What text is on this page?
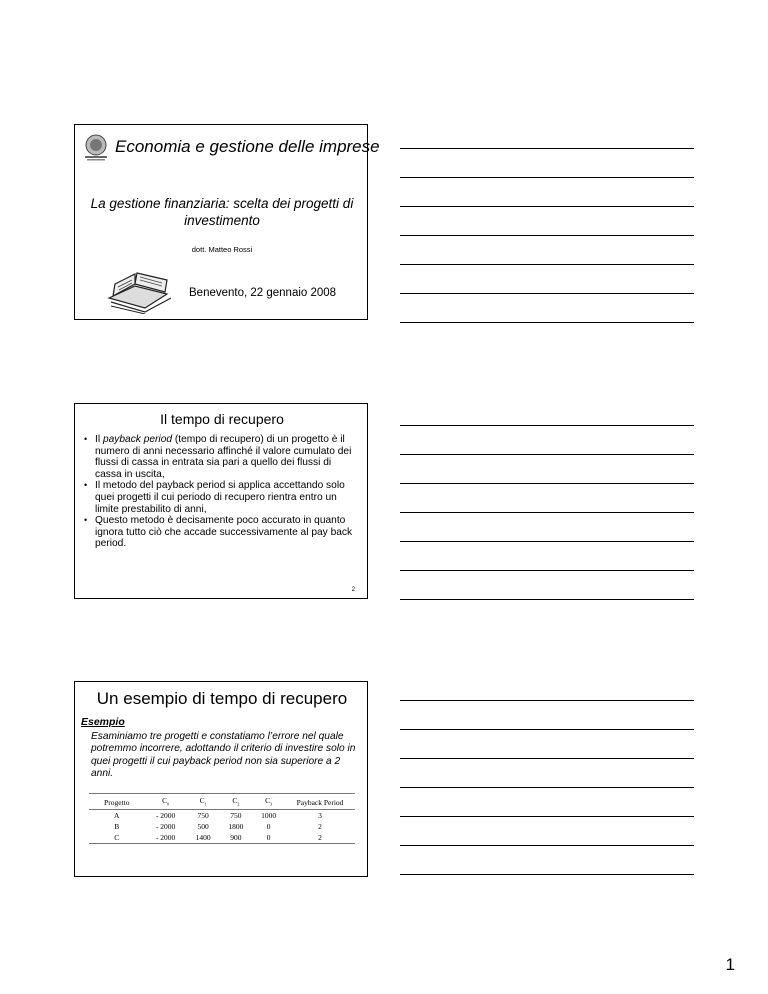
Economia e gestione delle imprese
La gestione finanziaria: scelta dei progetti di investimento
dott. Matteo Rossi
Benevento, 22 gennaio 2008
Il tempo di recupero
• Il payback period (tempo di recupero) di un progetto è il numero di anni necessario affinché il valore cumulato dei flussi di cassa in entrata sia pari a quello dei flussi di cassa in uscita,
• Il metodo del payback period si applica accettando solo quei progetti il cui periodo di recupero rientra entro un limite prestabilito di anni,
• Questo metodo è decisamente poco accurato in quanto ignora tutto ciò che accade successivamente al pay back period.
2
Un esempio di tempo di recupero
Esempio
Esaminiamo tre progetti e constatiamo l’errore nel quale potremmo incorrere, adottando il criterio di investire solo in quei progetti il cui payback period non sia superiore a 2 anni.
Progetto	$C_0$	$C_1$	$C_2$	$C_3$	Payback Period
A	- 2000	750	750	1000	3
B	- 2000	500	1800	0	2
C	- 2000	1400	900	0	2
1
